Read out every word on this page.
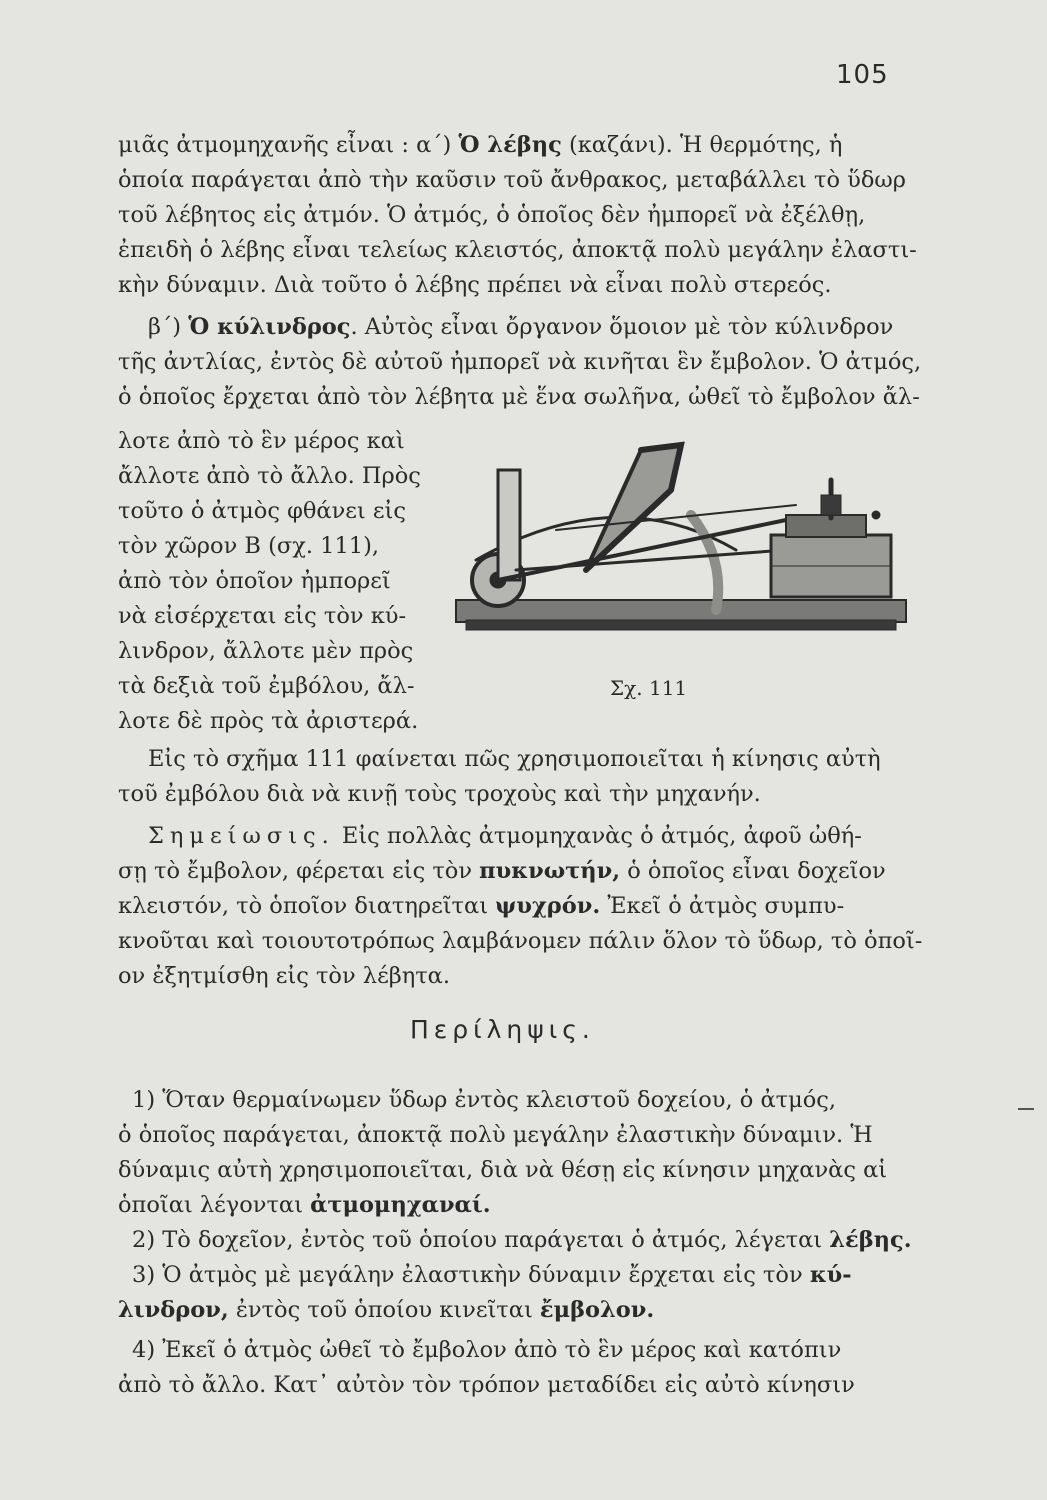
105
μιᾶς ἀτμομηχανῆς εἶναι : α΄) Ὁ λέβης (καζάνι). Ἡ θερμότης, ἡ
ὁποία παράγεται ἀπὸ τὴν καῦσιν τοῦ ἄνθρακος, μεταβάλλει τὸ ὕδωρ
τοῦ λέβητος εἰς ἀτμόν. Ὁ ἀτμός, ὁ ὁποῖος δὲν ἠμπορεῖ νὰ ἐξέλθῃ,
ἐπειδὴ ὁ λέβης εἶναι τελείως κλειστός, ἀποκτᾷ πολὺ μεγάλην ἐλαστι-
κὴν δύναμιν. Διὰ τοῦτο ὁ λέβης πρέπει νὰ εἶναι πολὺ στερεός.
β΄) Ὁ κύλινδρος. Αὐτὸς εἶναι ὄργανον ὅμοιον μὲ τὸν κύλινδρον
τῆς ἀντλίας, ἐντὸς δὲ αὐτοῦ ἠμπορεῖ νὰ κινῆται ἓν ἔμβολον. Ὁ ἀτμός,
ὁ ὁποῖος ἔρχεται ἀπὸ τὸν λέβητα μὲ ἕνα σωλῆνα, ὠθεῖ τὸ ἔμβολον ἄλ-
λοτε ἀπὸ τὸ ἓν μέρος καὶ
ἄλλοτε ἀπὸ τὸ ἄλλο. Πρὸς
τοῦτο ὁ ἀτμὸς φθάνει εἰς
τὸν χῶρον Β (σχ. 111),
ἀπὸ τὸν ὁποῖον ἠμπορεῖ
νὰ εἰσέρχεται εἰς τὸν κύ-
λινδρον, ἄλλοτε μὲν πρὸς
τὰ δεξιὰ τοῦ ἐμβόλου, ἄλ-
λοτε δὲ πρὸς τὰ ἀριστερά.
Σχ. 111
Εἰς τὸ σχῆμα 111 φαίνεται πῶς χρησιμοποιεῖται ἡ κίνησις αὐτὴ
τοῦ ἐμβόλου διὰ νὰ κινῇ τοὺς τροχοὺς καὶ τὴν μηχανήν.
Σημείωσις. Εἰς πολλὰς ἀτμομηχανὰς ὁ ἀτμός, ἀφοῦ ὠθή-
σῃ τὸ ἔμβολον, φέρεται εἰς τὸν πυκνωτήν, ὁ ὁποῖος εἶναι δοχεῖον
κλειστόν, τὸ ὁποῖον διατηρεῖται ψυχρόν. Ἐκεῖ ὁ ἀτμὸς συμπυ-
κνοῦται καὶ τοιουτοτρόπως λαμβάνομεν πάλιν ὅλον τὸ ὕδωρ, τὸ ὁποῖ-
ον ἐξητμίσθη εἰς τὸν λέβητα.
Περίληψις.
1) Ὅταν θερμαίνωμεν ὕδωρ ἐντὸς κλειστοῦ δοχείου, ὁ ἀτμός,
ὁ ὁποῖος παράγεται, ἀποκτᾷ πολὺ μεγάλην ἐλαστικὴν δύναμιν. Ἡ
δύναμις αὐτὴ χρησιμοποιεῖται, διὰ νὰ θέσῃ εἰς κίνησιν μηχανὰς αἱ
ὁποῖαι λέγονται ἀτμομηχαναί.
2) Τὸ δοχεῖον, ἐντὸς τοῦ ὁποίου παράγεται ὁ ἀτμός, λέγεται λέβης.
3) Ὁ ἀτμὸς μὲ μεγάλην ἐλαστικὴν δύναμιν ἔρχεται εἰς τὸν κύ-
λινδρον, ἐντὸς τοῦ ὁποίου κινεῖται ἔμβολον.
4) Ἐκεῖ ὁ ἀτμὸς ὠθεῖ τὸ ἔμβολον ἀπὸ τὸ ἓν μέρος καὶ κατόπιν
ἀπὸ τὸ ἄλλο. Κατ᾽ αὐτὸν τὸν τρόπον μεταδίδει εἰς αὐτὸ κίνησιν
